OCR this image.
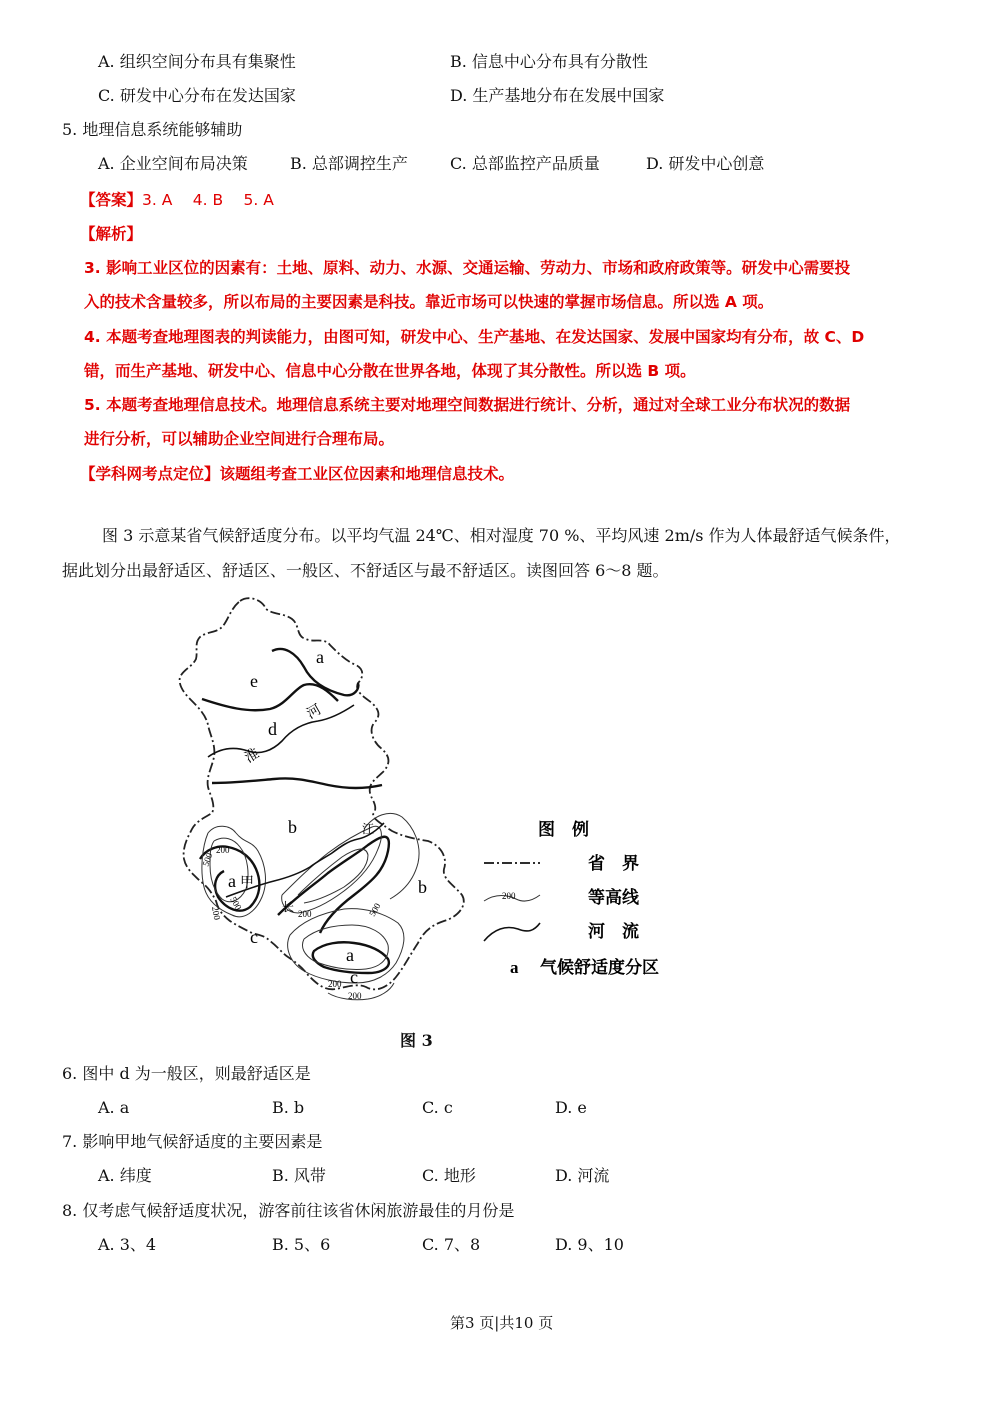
A. 组织空间分布具有集聚性	B. 信息中心分布具有分散性
C. 研发中心分布在发达国家	D. 生产基地分布在发展中国家
5. 地理信息系统能够辅助
A. 企业空间布局决策	B. 总部调控生产	C. 总部监控产品质量	D. 研发中心创意
【答案】3. A　 4. B　 5. A
【解析】
3. 影响工业区位的因素有：土地、原料、动力、水源、交通运输、劳动力、市场和政府政策等。研发中心需要投
入的技术含量较多，所以布局的主要因素是科技。靠近市场可以快速的掌握市场信息。所以选 A 项。
4. 本题考查地理图表的判读能力，由图可知，研发中心、生产基地、在发达国家、发展中国家均有分布，故 C、D
错，而生产基地、研发中心、信息中心分散在世界各地，体现了其分散性。所以选 B 项。
5. 本题考查地理信息技术。地理信息系统主要对地理空间数据进行统计、分析，通过对全球工业分布状况的数据
进行分析，可以辅助企业空间进行合理布局。
【学科网考点定位】该题组考查工业区位因素和地理信息技术。
图 3 示意某省气候舒适度分布。以平均气温 24℃、相对湿度 70 %、平均风速 2m/s 作为人体最舒适气候条件，
据此划分出最舒适区、舒适区、一般区、不舒适区与最不舒适区。读图回答 6～8 题。
a
e
d
b
a
c
b
a
c
甲
淮
河
长
江
200
500
200
500
200	500
200
200
图　例
省　界
200	等高线
河　流
a 气候舒适度分区
图 3
6. 图中 d 为一般区，则最舒适区是
A. a	B. b	C. c	D. e
7. 影响甲地气候舒适度的主要因素是
A. 纬度	B. 风带	C. 地形	D. 河流
8. 仅考虑气候舒适度状况，游客前往该省休闲旅游最佳的月份是
A. 3、4	B. 5、6	C. 7、8	D. 9、10
第3 页|共10 页
